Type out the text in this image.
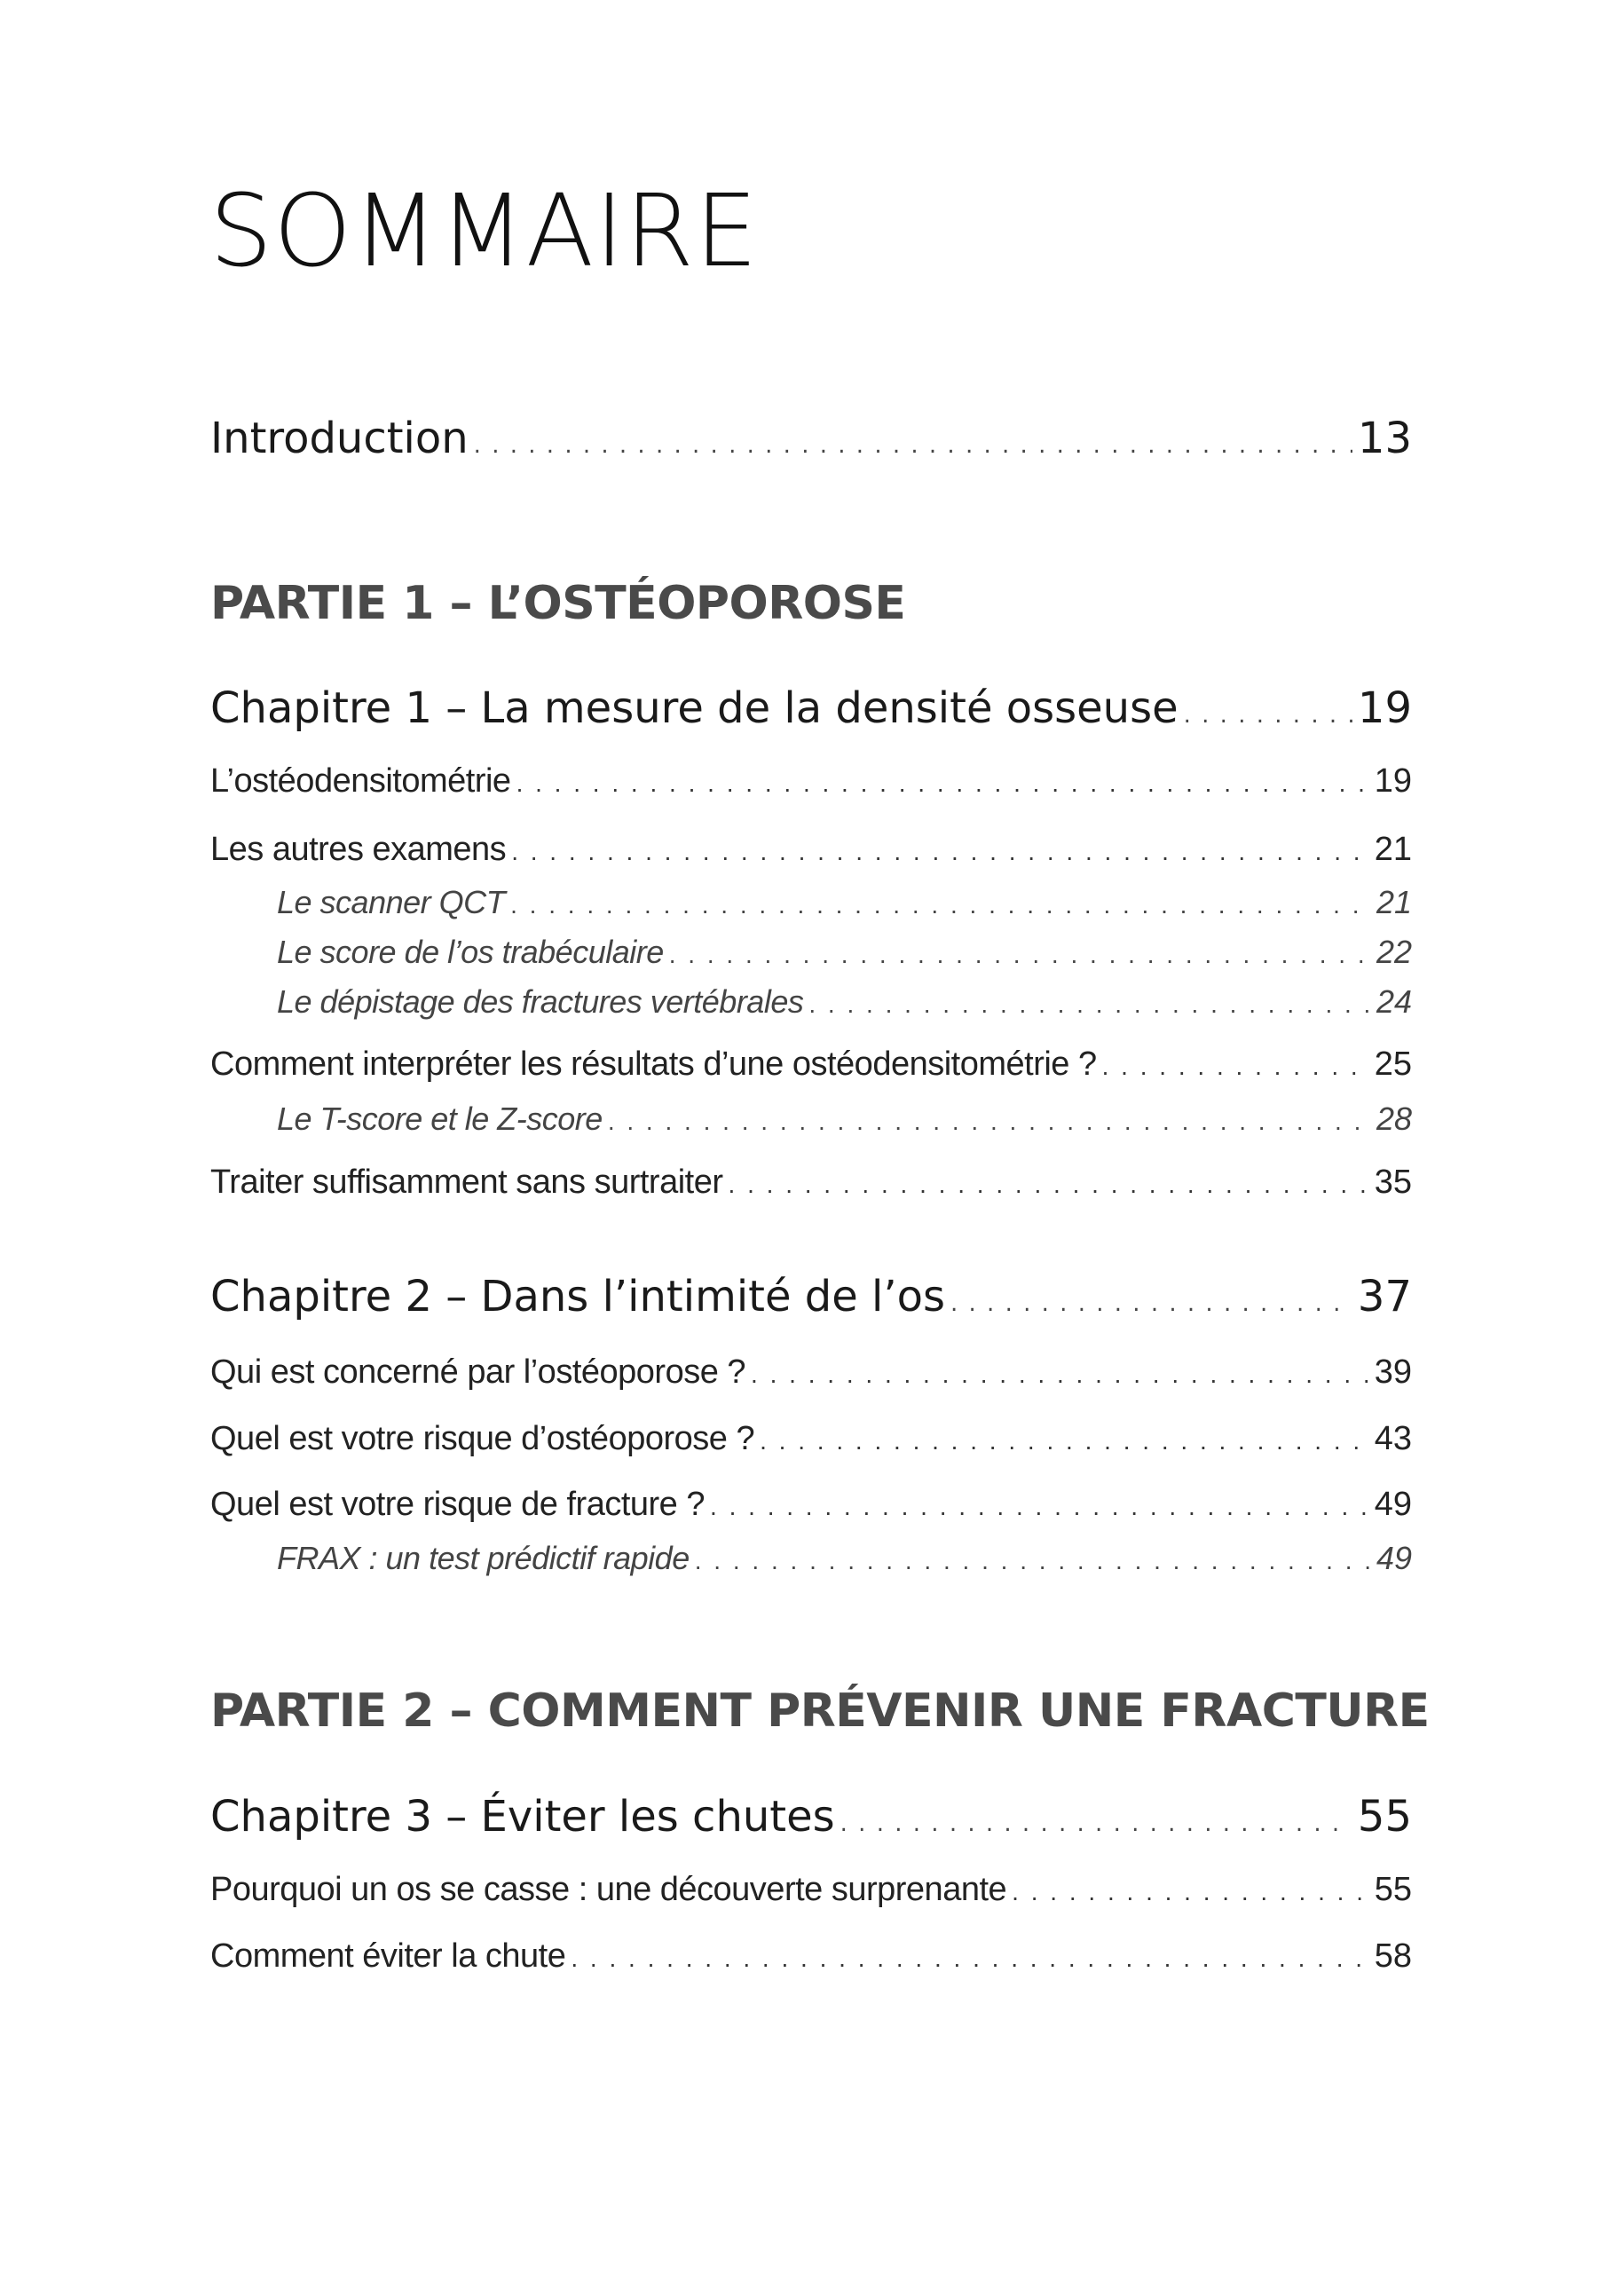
SOMMAIRE
Introduction . . .	13
PARTIE 1 – L’OSTÉOPOROSE
Chapitre 1 – La mesure de la densité osseuse . . .	19
L’ostéodensitométrie . . .	19
Les autres examens . . .	21
Le scanner QCT . . .	21
Le score de l’os trabéculaire . . .	22
Le dépistage des fractures vertébrales . . .	24
Comment interpréter les résultats d’une ostéodensitométrie ? . . .	25
Le T-score et le Z-score . . .	28
Traiter suffisamment sans surtraiter . . .	35
Chapitre 2 – Dans l’intimité de l’os . . .	37
Qui est concerné par l’ostéoporose ? . . .	39
Quel est votre risque d’ostéoporose ? . . .	43
Quel est votre risque de fracture ? . . .	49
FRAX : un test prédictif rapide . . .	49
PARTIE 2 – COMMENT PRÉVENIR UNE FRACTURE
Chapitre 3 – Éviter les chutes . . .	55
Pourquoi un os se casse : une découverte surprenante . . .	55
Comment éviter la chute . . .	58
